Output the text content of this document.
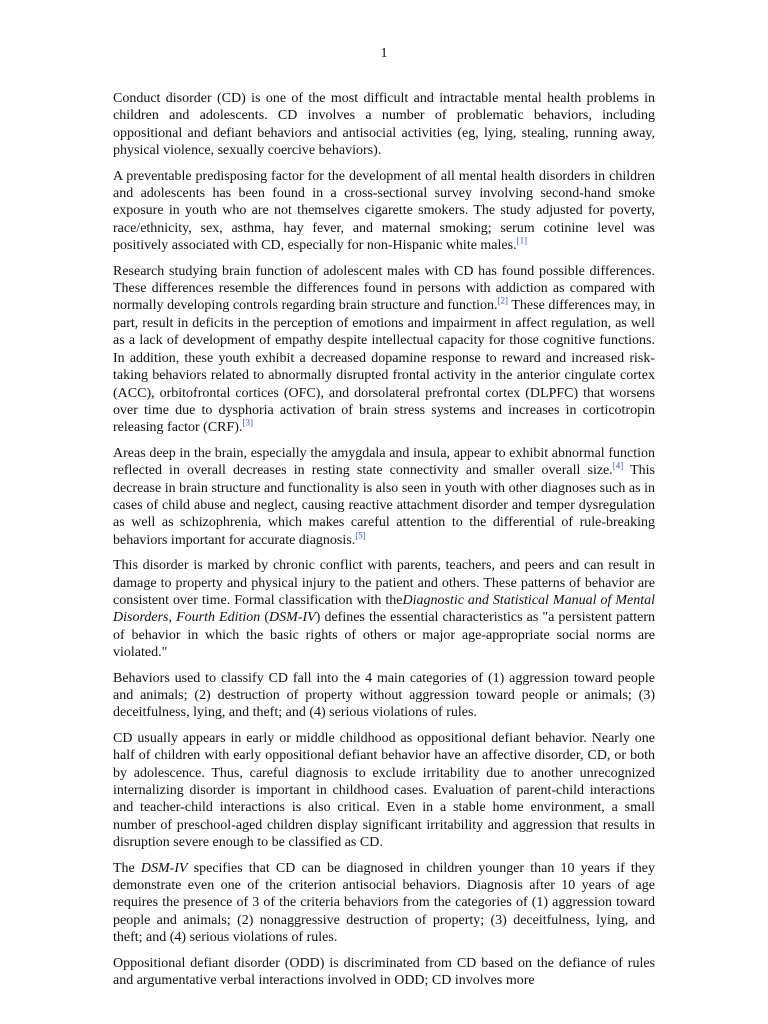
1

Conduct disorder (CD) is one of the most difficult and intractable mental health problems in children and adolescents. CD involves a number of problematic behaviors, including oppositional and defiant behaviors and antisocial activities (eg, lying, stealing, running away, physical violence, sexually coercive behaviors).

A preventable predisposing factor for the development of all mental health disorders in children and adolescents has been found in a cross-sectional survey involving second-hand smoke exposure in youth who are not themselves cigarette smokers. The study adjusted for poverty, race/ethnicity, sex, asthma, hay fever, and maternal smoking; serum cotinine level was positively associated with CD, especially for non-Hispanic white males.[1]

Research studying brain function of adolescent males with CD has found possible differences. These differences resemble the differences found in persons with addiction as compared with normally developing controls regarding brain structure and function.[2] These differences may, in part, result in deficits in the perception of emotions and impairment in affect regulation, as well as a lack of development of empathy despite intellectual capacity for those cognitive functions. In addition, these youth exhibit a decreased dopamine response to reward and increased risk-taking behaviors related to abnormally disrupted frontal activity in the anterior cingulate cortex (ACC), orbitofrontal cortices (OFC), and dorsolateral prefrontal cortex (DLPFC) that worsens over time due to dysphoria activation of brain stress systems and increases in corticotropin releasing factor (CRF).[3]

Areas deep in the brain, especially the amygdala and insula, appear to exhibit abnormal function reflected in overall decreases in resting state connectivity and smaller overall size.[4] This decrease in brain structure and functionality is also seen in youth with other diagnoses such as in cases of child abuse and neglect, causing reactive attachment disorder and temper dysregulation as well as schizophrenia, which makes careful attention to the differential of rule-breaking behaviors important for accurate diagnosis.[5]

This disorder is marked by chronic conflict with parents, teachers, and peers and can result in damage to property and physical injury to the patient and others. These patterns of behavior are consistent over time. Formal classification with theDiagnostic and Statistical Manual of Mental Disorders, Fourth Edition (DSM-IV) defines the essential characteristics as "a persistent pattern of behavior in which the basic rights of others or major age-appropriate social norms are violated."

Behaviors used to classify CD fall into the 4 main categories of (1) aggression toward people and animals; (2) destruction of property without aggression toward people or animals; (3) deceitfulness, lying, and theft; and (4) serious violations of rules.

CD usually appears in early or middle childhood as oppositional defiant behavior. Nearly one half of children with early oppositional defiant behavior have an affective disorder, CD, or both by adolescence. Thus, careful diagnosis to exclude irritability due to another unrecognized internalizing disorder is important in childhood cases. Evaluation of parent-child interactions and teacher-child interactions is also critical. Even in a stable home environment, a small number of preschool-aged children display significant irritability and aggression that results in disruption severe enough to be classified as CD.

The DSM-IV specifies that CD can be diagnosed in children younger than 10 years if they demonstrate even one of the criterion antisocial behaviors. Diagnosis after 10 years of age requires the presence of 3 of the criteria behaviors from the categories of (1) aggression toward people and animals; (2) nonaggressive destruction of property; (3) deceitfulness, lying, and theft; and (4) serious violations of rules.

Oppositional defiant disorder (ODD) is discriminated from CD based on the defiance of rules and argumentative verbal interactions involved in ODD; CD involves more
